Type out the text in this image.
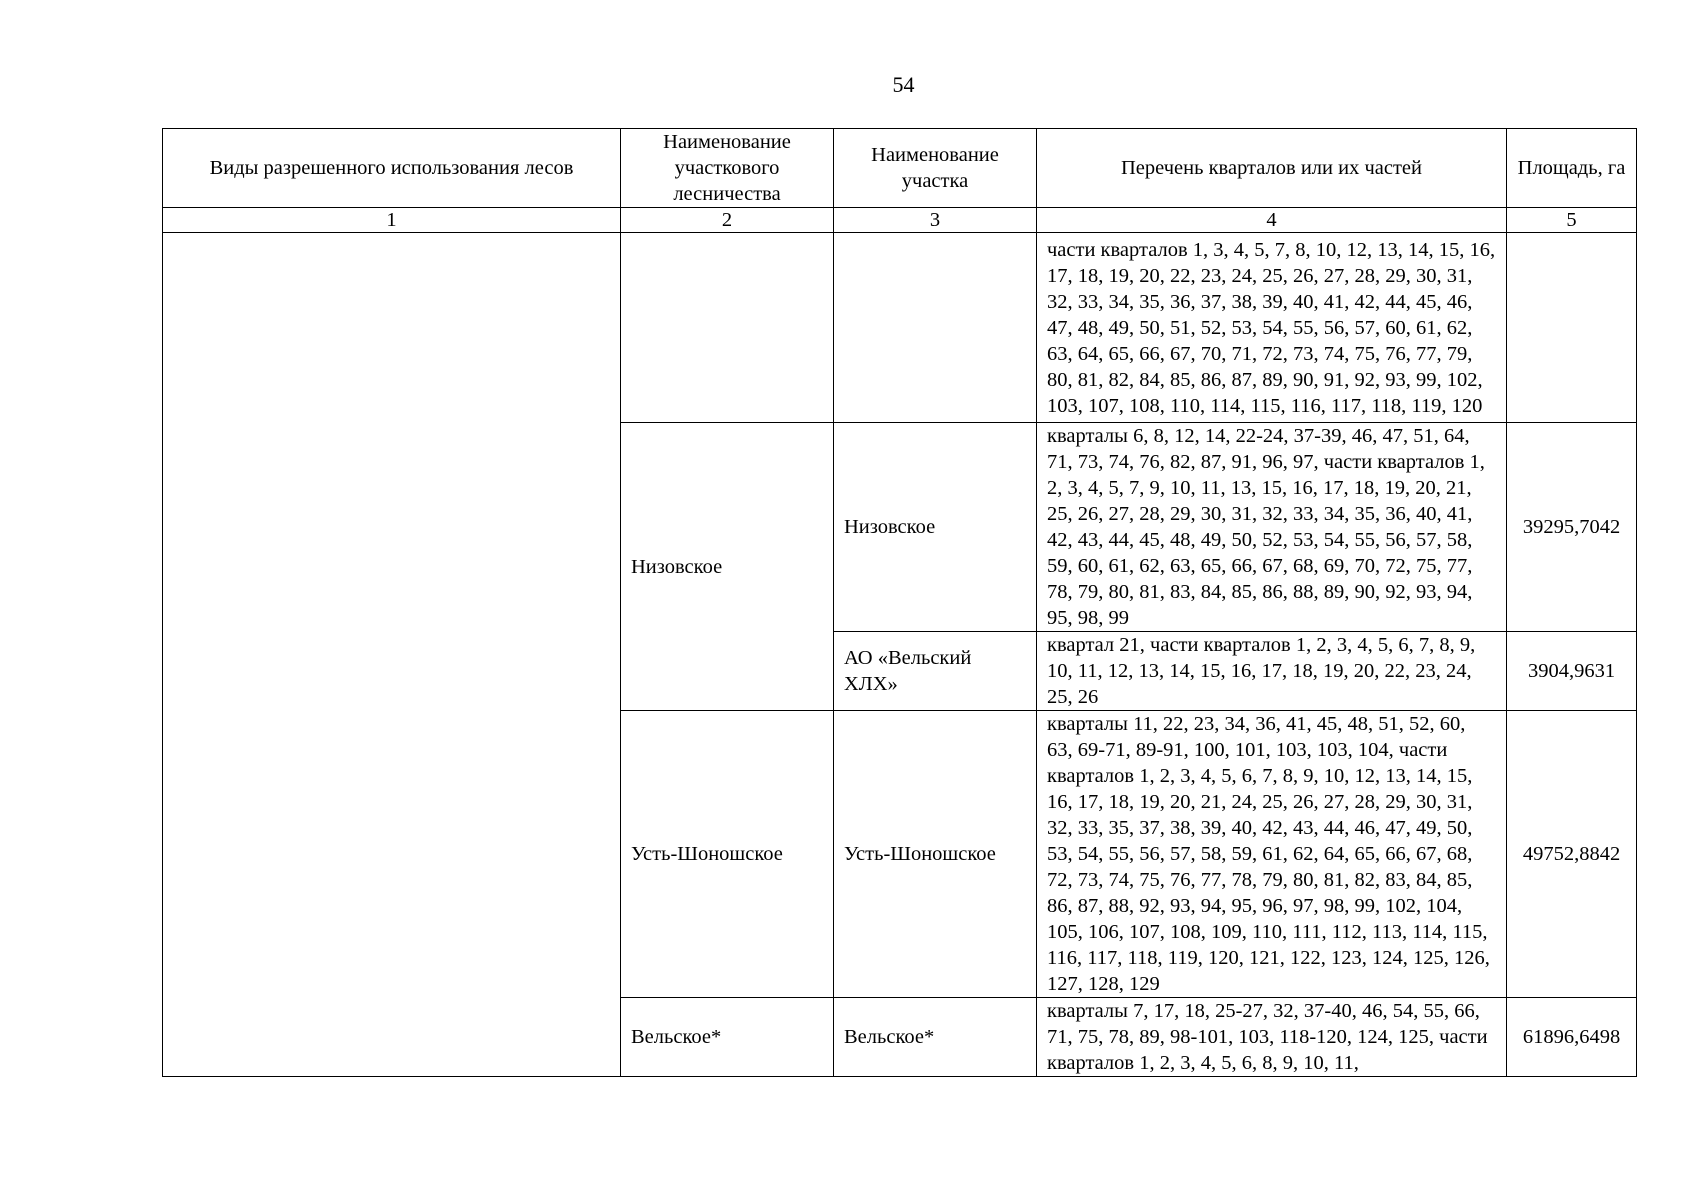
54
Виды разрешенного использования лесов	Наименование участкового лесничества	Наименование участка	Перечень кварталов или их частей	Площадь, га
1	2	3	4	5
			части кварталов 1, 3, 4, 5, 7, 8, 10, 12, 13, 14, 15, 16, 17, 18, 19, 20, 22, 23, 24, 25, 26, 27, 28, 29, 30, 31, 32, 33, 34, 35, 36, 37, 38, 39, 40, 41, 42, 44, 45, 46, 47, 48, 49, 50, 51, 52, 53, 54, 55, 56, 57, 60, 61, 62, 63, 64, 65, 66, 67, 70, 71, 72, 73, 74, 75, 76, 77, 79, 80, 81, 82, 84, 85, 86, 87, 89, 90, 91, 92, 93, 99, 102, 103, 107, 108, 110, 114, 115, 116, 117, 118, 119, 120	
	Низовское	Низовское	кварталы 6, 8, 12, 14, 22-24, 37-39, 46, 47, 51, 64, 71, 73, 74, 76, 82, 87, 91, 96, 97, части кварталов 1, 2, 3, 4, 5, 7, 9, 10, 11, 13, 15, 16, 17, 18, 19, 20, 21, 25, 26, 27, 28, 29, 30, 31, 32, 33, 34, 35, 36, 40, 41, 42, 43, 44, 45, 48, 49, 50, 52, 53, 54, 55, 56, 57, 58, 59, 60, 61, 62, 63, 65, 66, 67, 68, 69, 70, 72, 75, 77, 78, 79, 80, 81, 83, 84, 85, 86, 88, 89, 90, 92, 93, 94, 95, 98, 99	39295,7042
		АО «Вельский ХЛХ»	квартал 21, части кварталов 1, 2, 3, 4, 5, 6, 7, 8, 9, 10, 11, 12, 13, 14, 15, 16, 17, 18, 19, 20, 22, 23, 24, 25, 26	3904,9631
	Усть-Шоношское	Усть-Шоношское	кварталы 11, 22, 23, 34, 36, 41, 45, 48, 51, 52, 60, 63, 69-71, 89-91, 100, 101, 103, 103, 104, части кварталов 1, 2, 3, 4, 5, 6, 7, 8, 9, 10, 12, 13, 14, 15, 16, 17, 18, 19, 20, 21, 24, 25, 26, 27, 28, 29, 30, 31, 32, 33, 35, 37, 38, 39, 40, 42, 43, 44, 46, 47, 49, 50, 53, 54, 55, 56, 57, 58, 59, 61, 62, 64, 65, 66, 67, 68, 72, 73, 74, 75, 76, 77, 78, 79, 80, 81, 82, 83, 84, 85, 86, 87, 88, 92, 93, 94, 95, 96, 97, 98, 99, 102, 104, 105, 106, 107, 108, 109, 110, 111, 112, 113, 114, 115, 116, 117, 118, 119, 120, 121, 122, 123, 124, 125, 126, 127, 128, 129	49752,8842
	Вельское*	Вельское*	кварталы 7, 17, 18, 25-27, 32, 37-40, 46, 54, 55, 66, 71, 75, 78, 89, 98-101, 103, 118-120, 124, 125, части кварталов 1, 2, 3, 4, 5, 6, 8, 9, 10, 11,	61896,6498
